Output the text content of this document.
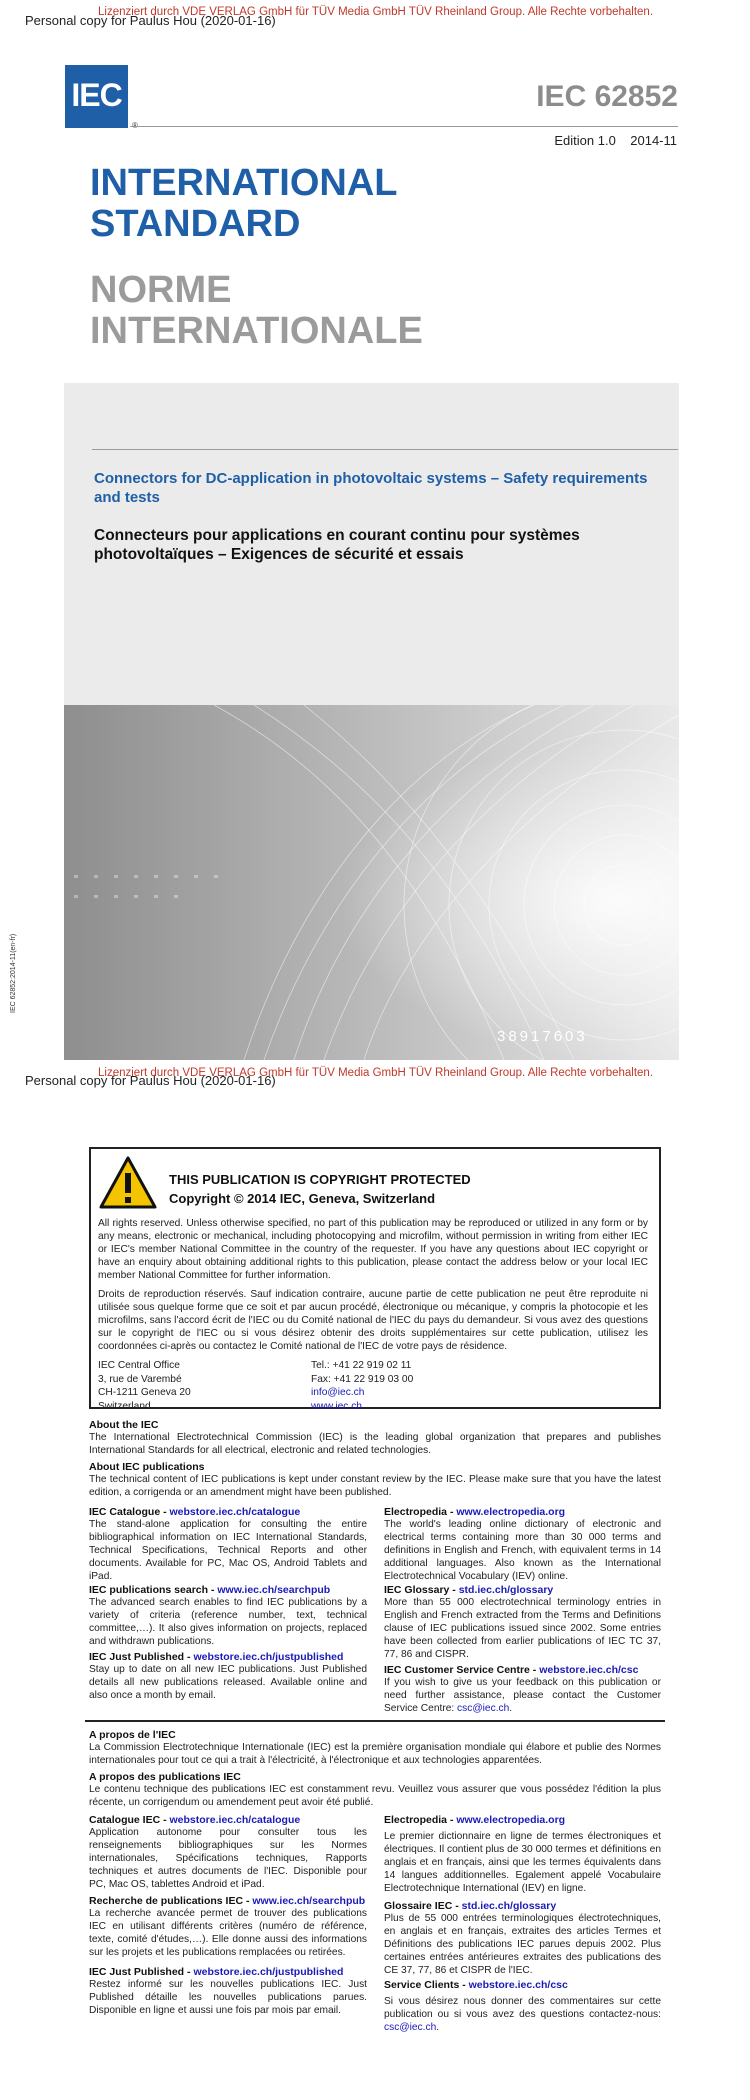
Lizenziert durch VDE VERLAG GmbH für TÜV Media GmbH TÜV Rheinland Group. Alle Rechte vorbehalten.
Personal copy for Paulus Hou (2020-01-16)
IEC	IEC 62852
Edition 1.0    2014-11
INTERNATIONAL
STANDARD
NORME
INTERNATIONALE
Connectors for DC-application in photovoltaic systems – Safety requirements and tests
Connecteurs pour applications en courant continu pour systèmes photovoltaïques – Exigences de sécurité et essais
38917603
IEC 62852:2014-11(en-fr)
Lizenziert durch VDE VERLAG GmbH für TÜV Media GmbH TÜV Rheinland Group. Alle Rechte vorbehalten.
Personal copy for Paulus Hou (2020-01-16)
THIS PUBLICATION IS COPYRIGHT PROTECTED
Copyright © 2014 IEC, Geneva, Switzerland
All rights reserved. Unless otherwise specified, no part of this publication may be reproduced or utilized in any form or by any means, electronic or mechanical, including photocopying and microfilm, without permission in writing from either IEC or IEC's member National Committee in the country of the requester. If you have any questions about IEC copyright or have an enquiry about obtaining additional rights to this publication, please contact the address below or your local IEC member National Committee for further information.
Droits de reproduction réservés. Sauf indication contraire, aucune partie de cette publication ne peut être reproduite ni utilisée sous quelque forme que ce soit et par aucun procédé, électronique ou mécanique, y compris la photocopie et les microfilms, sans l'accord écrit de l'IEC ou du Comité national de l'IEC du pays du demandeur. Si vous avez des questions sur le copyright de l'IEC ou si vous désirez obtenir des droits supplémentaires sur cette publication, utilisez les coordonnées ci-après ou contactez le Comité national de l'IEC de votre pays de résidence.
IEC Central Office
3, rue de Varembé
CH-1211 Geneva 20
Switzerland
Tel.: +41 22 919 02 11
Fax: +41 22 919 03 00
info@iec.ch
www.iec.ch
About the IEC
The International Electrotechnical Commission (IEC) is the leading global organization that prepares and publishes International Standards for all electrical, electronic and related technologies.
About IEC publications
The technical content of IEC publications is kept under constant review by the IEC. Please make sure that you have the latest edition, a corrigenda or an amendment might have been published.
IEC Catalogue - webstore.iec.ch/catalogue
The stand-alone application for consulting the entire bibliographical information on IEC International Standards, Technical Specifications, Technical Reports and other documents. Available for PC, Mac OS, Android Tablets and iPad.
IEC publications search - www.iec.ch/searchpub
The advanced search enables to find IEC publications by a variety of criteria (reference number, text, technical committee,…). It also gives information on projects, replaced and withdrawn publications.
IEC Just Published - webstore.iec.ch/justpublished
Stay up to date on all new IEC publications. Just Published details all new publications released. Available online and also once a month by email.
Electropedia - www.electropedia.org
The world's leading online dictionary of electronic and electrical terms containing more than 30 000 terms and definitions in English and French, with equivalent terms in 14 additional languages. Also known as the International Electrotechnical Vocabulary (IEV) online.
IEC Glossary - std.iec.ch/glossary
More than 55 000 electrotechnical terminology entries in English and French extracted from the Terms and Definitions clause of IEC publications issued since 2002. Some entries have been collected from earlier publications of IEC TC 37, 77, 86 and CISPR.
IEC Customer Service Centre - webstore.iec.ch/csc
If you wish to give us your feedback on this publication or need further assistance, please contact the Customer Service Centre: csc@iec.ch.
A propos de l'IEC
La Commission Electrotechnique Internationale (IEC) est la première organisation mondiale qui élabore et publie des Normes internationales pour tout ce qui a trait à l'électricité, à l'électronique et aux technologies apparentées.
A propos des publications IEC
Le contenu technique des publications IEC est constamment revu. Veuillez vous assurer que vous possédez l'édition la plus récente, un corrigendum ou amendement peut avoir été publié.
Catalogue IEC - webstore.iec.ch/catalogue
Application autonome pour consulter tous les renseignements bibliographiques sur les Normes internationales, Spécifications techniques, Rapports techniques et autres documents de l'IEC. Disponible pour PC, Mac OS, tablettes Android et iPad.
Recherche de publications IEC - www.iec.ch/searchpub
La recherche avancée permet de trouver des publications IEC en utilisant différents critères (numéro de référence, texte, comité d'études,…). Elle donne aussi des informations sur les projets et les publications remplacées ou retirées.
IEC Just Published - webstore.iec.ch/justpublished
Restez informé sur les nouvelles publications IEC. Just Published détaille les nouvelles publications parues. Disponible en ligne et aussi une fois par mois par email.
Electropedia - www.electropedia.org
Le premier dictionnaire en ligne de termes électroniques et électriques. Il contient plus de 30 000 termes et définitions en anglais et en français, ainsi que les termes équivalents dans 14 langues additionnelles. Egalement appelé Vocabulaire Electrotechnique International (IEV) en ligne.
Glossaire IEC - std.iec.ch/glossary
Plus de 55 000 entrées terminologiques électrotechniques, en anglais et en français, extraites des articles Termes et Définitions des publications IEC parues depuis 2002. Plus certaines entrées antérieures extraites des publications des CE 37, 77, 86 et CISPR de l'IEC.
Service Clients - webstore.iec.ch/csc
Si vous désirez nous donner des commentaires sur cette publication ou si vous avez des questions contactez-nous: csc@iec.ch.
